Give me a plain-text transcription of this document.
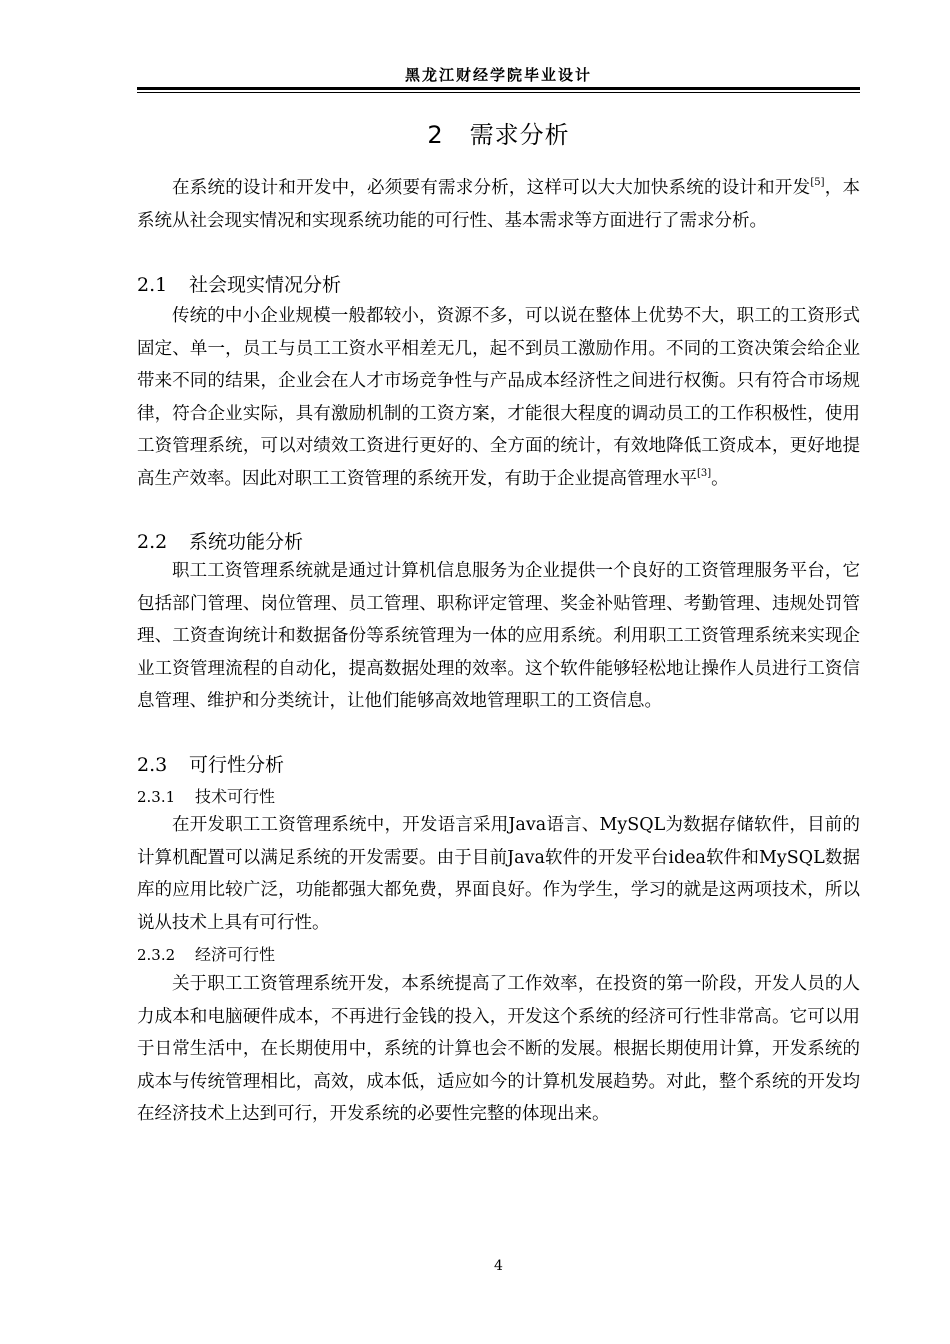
黑龙江财经学院毕业设计
2 需求分析

在系统的设计和开发中，必须要有需求分析，这样可以大大加快系统的设计和开发[5]，本系统从社会现实情况和实现系统功能的可行性、基本需求等方面进行了需求分析。

2.1 社会现实情况分析

传统的中小企业规模一般都较小，资源不多，可以说在整体上优势不大，职工的工资形式固定、单一，员工与员工工资水平相差无几，起不到员工激励作用。不同的工资决策会给企业带来不同的结果，企业会在人才市场竞争性与产品成本经济性之间进行权衡。只有符合市场规律，符合企业实际，具有激励机制的工资方案，才能很大程度的调动员工的工作积极性，使用工资管理系统，可以对绩效工资进行更好的、全方面的统计，有效地降低工资成本，更好地提高生产效率。因此对职工工资管理的系统开发，有助于企业提高管理水平[3]。

2.2 系统功能分析

职工工资管理系统就是通过计算机信息服务为企业提供一个良好的工资管理服务平台，它包括部门管理、岗位管理、员工管理、职称评定管理、奖金补贴管理、考勤管理、违规处罚管理、工资查询统计和数据备份等系统管理为一体的应用系统。利用职工工资管理系统来实现企业工资管理流程的自动化，提高数据处理的效率。这个软件能够轻松地让操作人员进行工资信息管理、维护和分类统计，让他们能够高效地管理职工的工资信息。

2.3 可行性分析
2.3.1 技术可行性

在开发职工工资管理系统中，开发语言采用Java语言、MySQL为数据存储软件，目前的计算机配置可以满足系统的开发需要。由于目前Java软件的开发平台idea软件和MySQL数据库的应用比较广泛，功能都强大都免费，界面良好。作为学生，学习的就是这两项技术，所以说从技术上具有可行性。

2.3.2 经济可行性

关于职工工资管理系统开发，本系统提高了工作效率，在投资的第一阶段，开发人员的人力成本和电脑硬件成本，不再进行金钱的投入，开发这个系统的经济可行性非常高。它可以用于日常生活中，在长期使用中，系统的计算也会不断的发展。根据长期使用计算，开发系统的成本与传统管理相比，高效，成本低，适应如今的计算机发展趋势。对此，整个系统的开发均在经济技术上达到可行，开发系统的必要性完整的体现出来。

4
